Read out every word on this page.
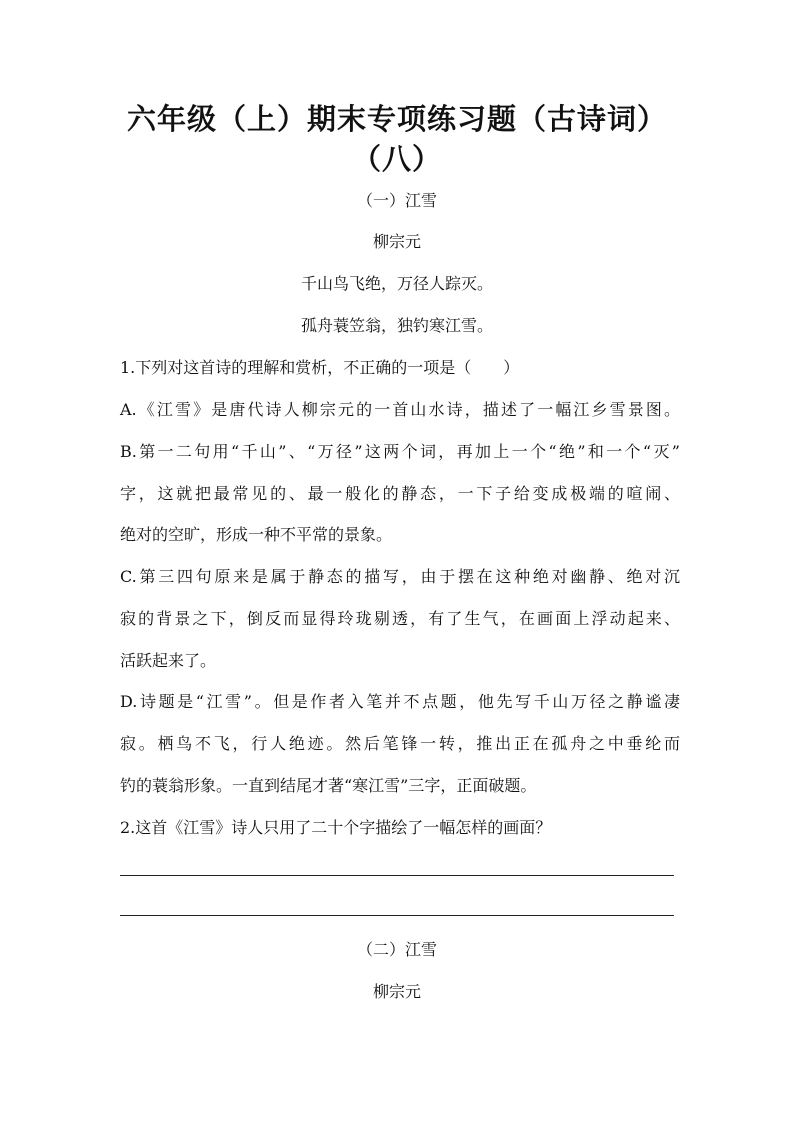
六年级（上）期末专项练习题（古诗词）
（八）
（一）江雪
柳宗元
千山鸟飞绝，万径人踪灭。
孤舟蓑笠翁，独钓寒江雪。
1.下列对这首诗的理解和赏析，不正确的一项是（　　）
A.《江雪》是唐代诗人柳宗元的一首山水诗，描述了一幅江乡雪景图。
B.第一二句用“千山”、“万径”这两个词，再加上一个“绝”和一个“灭”
字，这就把最常见的、最一般化的静态，一下子给变成极端的喧闹、
绝对的空旷，形成一种不平常的景象。
C.第三四句原来是属于静态的描写，由于摆在这种绝对幽静、绝对沉
寂的背景之下，倒反而显得玲珑剔透，有了生气，在画面上浮动起来、
活跃起来了。
D.诗题是“江雪”。但是作者入笔并不点题，他先写千山万径之静谧凄
寂。栖鸟不飞，行人绝迹。然后笔锋一转，推出正在孤舟之中垂纶而
钓的蓑翁形象。一直到结尾才著“寒江雪”三字，正面破题。
2.这首《江雪》诗人只用了二十个字描绘了一幅怎样的画面？
（二）江雪
柳宗元
